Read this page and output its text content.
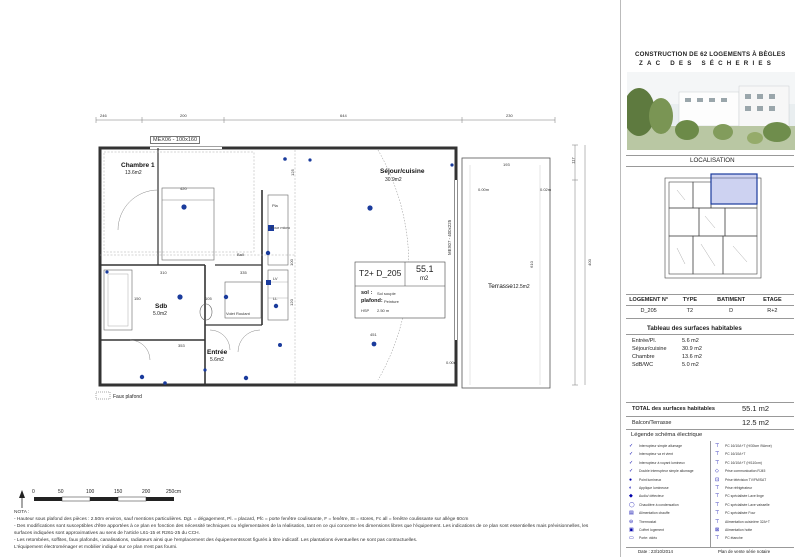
MEX06 - 100x160
MEX07 - 400x225
246	200	644	230
117
610	400
420
310	335
105
150
353
451
193
0.00m	0.02m
125
100
120
0.00m
Chambre 1
13.6m2	Séjour/cuisine
30.9m2
Terrasse 12.5m2
Sdb
5.0m2
Entrée
5.6m2
Four micro
Pla
LV
LL
Ball
Volet Roulant
T2+ D_205 55.1
m2
sol : Sol souple
plafond: Peinture
HSP 2.50 m
Faux plafond
0	50	100	150	200	250cm
NOTA :
- Hauteur sous plafond des pièces : 2.50m environ, sauf mentions particulières. Dgt. = dégagement, Pl. = placard, Pfc = porte fenêtre coulissante, F = fenêtre, St = stores, Fc all = fenêtre coulissante sur allège 60cm
- Des modifications sont susceptibles d'être apportées à ce plan en fonction des nécessité techniques ou réglementaires de la réalisation, tant en ce qui concerne les dimensions libres que l'équipement. Les indications de ce plan sont essentielles mais prévisionnelles, les
surfaces indiquées sont approximatives au sens de l'article L61-15 et R261-25 du CCH.
- Les retombées, soffites, faux plafonds, canalisations, radiateurs ainsi que l'emplacement des équipementssont figurés à titre indicatif. Les plantations éventuelles ne sont pas contractuelles.
L'équipement électroménager et mobilier indiqué sur ce plan n'est pas fourni.
CONSTRUCTION DE 62 LOGEMENTS À BÈGLES
ZAC DES SÉCHERIES
LOCALISATION
LOGEMENT N°	TYPE	BATIMENT	ETAGE
D_205	T2	D	R+2
Tableau des surfaces habitables
Entrée/Pl.	5.6 m2
Séjour/cuisine	30.9 m2
Chambre	13.6 m2
SdB/WC	5.0 m2
TOTAL des surfaces habitables	55.1 m2
Balcon/Terrasse	12.5 m2
Légende schéma électrique
Date : 23/10/2014	Plan de vente série notaire
✓ Interrupteur simple allumage
✓ Interrupteur va et vient
✓ Interrupteur à voyant lumineux
✓ Double interrupteur simple allumage
● Point lumineux
◐ Applique lumineuse
◆ Audio/ détecteur
◯ Chaudière à condensation
▤ Alimentation chauffe
⊖ Thermostat
▣ Coffret logement
▭ Porte: vidéo
⊤ PC 16/10A+T (H/30cm /9Aexe)
⊤ PC 16/10A+T
⊤ PC 16/10A+T (H/110cm)
◇ Prise communication RJ45
⊡ Prise télévision TV/FM/SAT
⊤ Prise réfrigérateur
⊤ PC spécialisée Lave linge
⊤ PC spécialisée Lave vaisselle
⊤ PC spécialisée Four
⊤ Alimentation cuisinière 32A+T
⊠ Alimentation hotte
⊤ PC étanche
